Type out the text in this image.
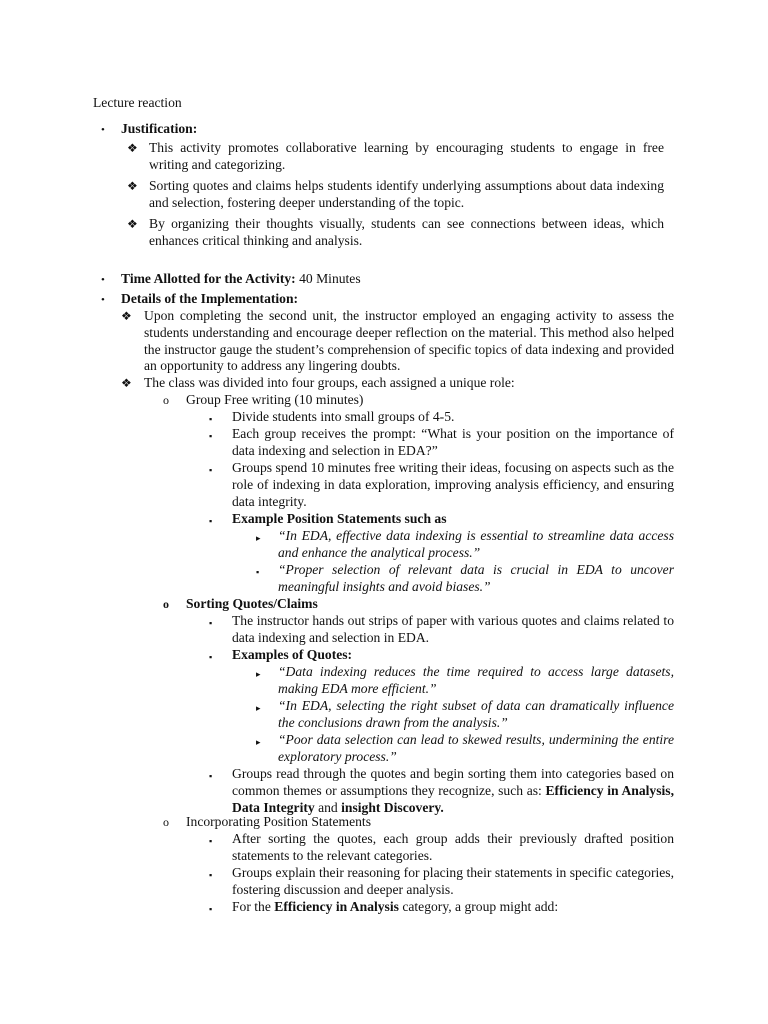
Lecture reaction
• Justification:
❖ This activity promotes collaborative learning by encouraging students to engage in free writing and categorizing.
❖ Sorting quotes and claims helps students identify underlying assumptions about data indexing and selection, fostering deeper understanding of the topic.
❖ By organizing their thoughts visually, students can see connections between ideas, which enhances critical thinking and analysis.
• Time Allotted for the Activity: 40 Minutes
• Details of the Implementation:
❖ Upon completing the second unit, the instructor employed an engaging activity to assess the students understanding and encourage deeper reflection on the material. This method also helped the instructor gauge the student’s comprehension of specific topics of data indexing and provided an opportunity to address any lingering doubts.
❖ The class was divided into four groups, each assigned a unique role:
o Group Free writing (10 minutes)
▪ Divide students into small groups of 4-5.
▪ Each group receives the prompt: “What is your position on the importance of data indexing and selection in EDA?”
▪ Groups spend 10 minutes free writing their ideas, focusing on aspects such as the role of indexing in data exploration, improving analysis efficiency, and ensuring data integrity.
▪ Example Position Statements such as
▸ “In EDA, effective data indexing is essential to streamline data access and enhance the analytical process.”
▪ “Proper selection of relevant data is crucial in EDA to uncover meaningful insights and avoid biases.”
o Sorting Quotes/Claims
▪ The instructor hands out strips of paper with various quotes and claims related to data indexing and selection in EDA.
▪ Examples of Quotes:
▸ “Data indexing reduces the time required to access large datasets, making EDA more efficient.”
▸ “In EDA, selecting the right subset of data can dramatically influence the conclusions drawn from the analysis.”
▸ “Poor data selection can lead to skewed results, undermining the entire exploratory process.”
▪ Groups read through the quotes and begin sorting them into categories based on common themes or assumptions they recognize, such as: Efficiency in Analysis, Data Integrity and insight Discovery.
o Incorporating Position Statements
▪ After sorting the quotes, each group adds their previously drafted position statements to the relevant categories.
▪ Groups explain their reasoning for placing their statements in specific categories, fostering discussion and deeper analysis.
▪ For the Efficiency in Analysis category, a group might add:
